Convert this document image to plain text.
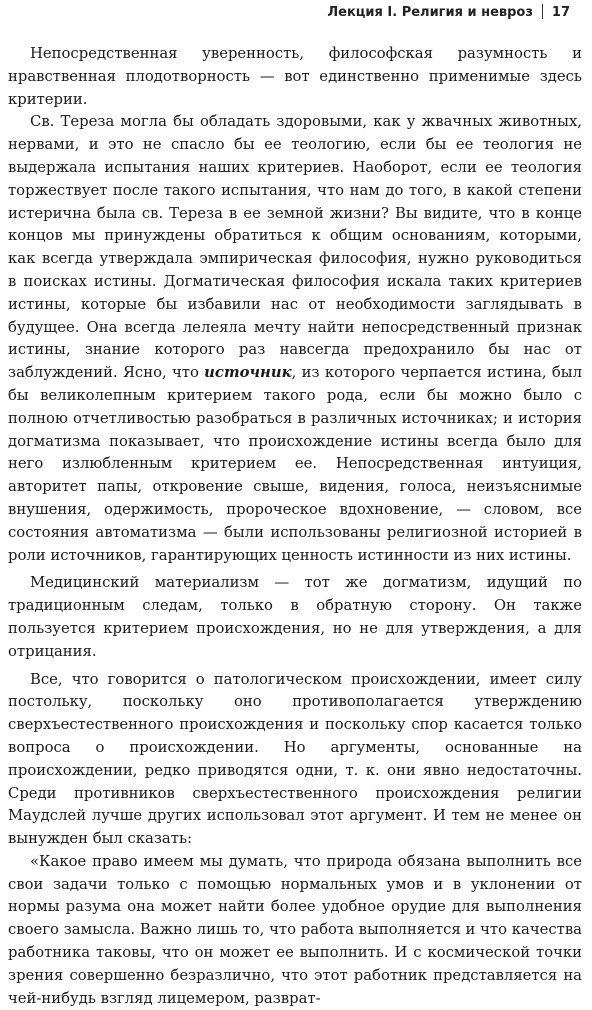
Лекция I. Религия и невроз 17

Непосредственная уверенность, философская разумность и нравственная плодотворность — вот единственно применимые здесь критерии.

Св. Тереза могла бы обладать здоровыми, как у жвачных животных, нервами, и это не спасло бы ее теологию, если бы ее теология не выдержала испытания наших критериев. Наоборот, если ее теология торжествует после такого испытания, что нам до того, в какой степени истерична была св. Тереза в ее земной жизни? Вы видите, что в конце концов мы принуждены обратиться к общим основаниям, которыми, как всегда утверждала эмпирическая философия, нужно руководиться в поисках истины. Догматическая философия искала таких критериев истины, которые бы избавили нас от необходимости заглядывать в будущее. Она всегда лелеяла мечту найти непосредственный признак истины, знание которого раз навсегда предохранило бы нас от заблуждений. Ясно, что источник, из которого черпается истина, был бы великолепным критерием такого рода, если бы можно было с полною отчетливостью разобраться в различных источниках; и история догматизма показывает, что происхождение истины всегда было для него излюбленным критерием ее. Непосредственная интуиция, авторитет папы, откровение свыше, видения, голоса, неизъяснимые внушения, одержимость, пророческое вдохновение, — словом, все состояния автоматизма — были использованы религиозной историей в роли источников, гарантирующих ценность истинности из них истины.

Медицинский материализм — тот же догматизм, идущий по традиционным следам, только в обратную сторону. Он также пользуется критерием происхождения, но не для утверждения, а для отрицания.

Все, что говорится о патологическом происхождении, имеет силу постольку, поскольку оно противополагается утверждению сверхъестественного происхождения и поскольку спор касается только вопроса о происхождении. Но аргументы, основанные на происхождении, редко приводятся одни, т. к. они явно недостаточны. Среди противников сверхъестественного происхождения религии Маудслей лучше других использовал этот аргумент. И тем не менее он вынужден был сказать:

«Какое право имеем мы думать, что природа обязана выполнить все свои задачи только с помощью нормальных умов и в уклонении от нормы разума она может найти более удобное орудие для выполнения своего замысла. Важно лишь то, что работа выполняется и что качества работника таковы, что он может ее выполнить. И с космической точки зрения совершенно безразлично, что этот работник представляется на чей-нибудь взгляд лицемером, разврат-
